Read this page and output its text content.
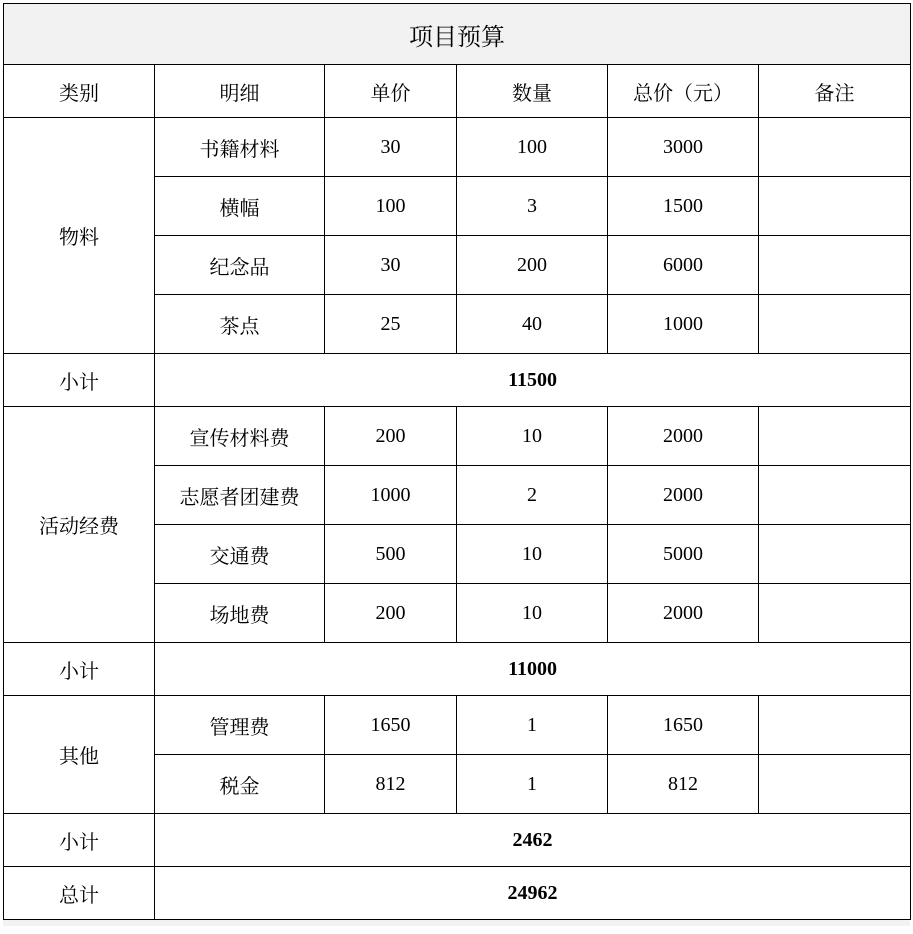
项目预算					
类别	明细	单价	数量	总价（元）	备注
物料	书籍材料	30	100	3000	
	横幅	100	3	1500	
	纪念品	30	200	6000	
	茶点	25	40	1000	
小计	11500				
活动经费	宣传材料费	200	10	2000	
	志愿者团建费	1000	2	2000	
	交通费	500	10	5000	
	场地费	200	10	2000	
小计	11000				
其他	管理费	1650	1	1650	
	税金	812	1	812	
小计	2462				
总计	24962				
